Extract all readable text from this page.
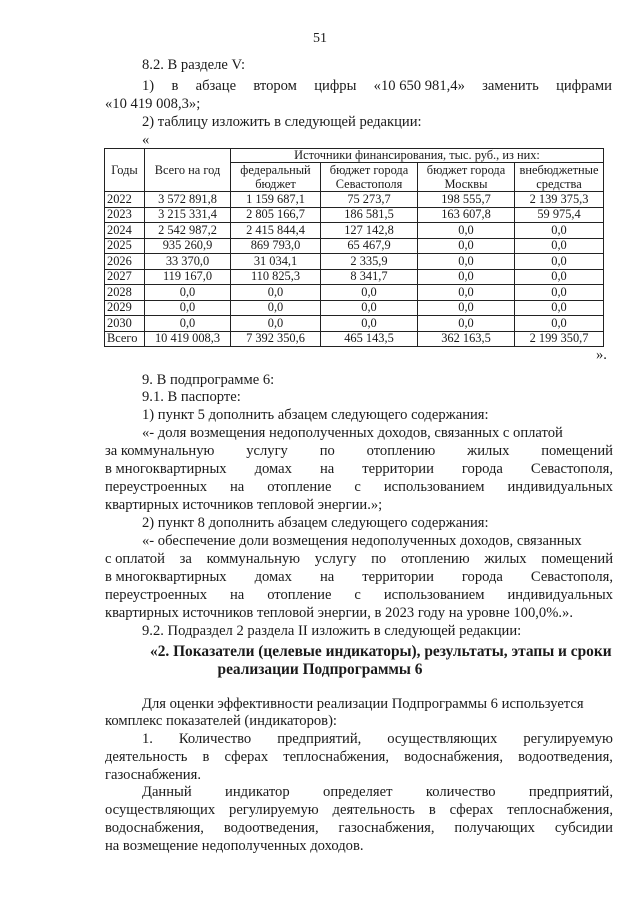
51
8.2. В разделе V:
1) в абзаце втором цифры «10 650 981,4» заменить цифрами
«10 419 008,3»;
2) таблицу изложить в следующей редакции:
«
Годы	Всего на год	Источники финансирования, тыс. руб., из них:			
		федеральный бюджет	бюджет города Севастополя	бюджет города Москвы	внебюджетные средства
2022	3 572 891,8	1 159 687,1	75 273,7	198 555,7	2 139 375,3
2023	3 215 331,4	2 805 166,7	186 581,5	163 607,8	59 975,4
2024	2 542 987,2	2 415 844,4	127 142,8	0,0	0,0
2025	935 260,9	869 793,0	65 467,9	0,0	0,0
2026	33 370,0	31 034,1	2 335,9	0,0	0,0
2027	119 167,0	110 825,3	8 341,7	0,0	0,0
2028	0,0	0,0	0,0	0,0	0,0
2029	0,0	0,0	0,0	0,0	0,0
2030	0,0	0,0	0,0	0,0	0,0
Всего	10 419 008,3	7 392 350,6	465 143,5	362 163,5	2 199 350,7
».
9. В подпрограмме 6:
9.1. В паспорте:
1) пункт 5 дополнить абзацем следующего содержания:
«- доля возмещения недополученных доходов, связанных с оплатой
за коммунальную услугу по отоплению жилых помещений
в многоквартирных домах на территории города Севастополя,
переустроенных на отопление с использованием индивидуальных
квартирных источников тепловой энергии.»;
2) пункт 8 дополнить абзацем следующего содержания:
«- обеспечение доли возмещения недополученных доходов, связанных
с оплатой за коммунальную услугу по отоплению жилых помещений
в многоквартирных домах на территории города Севастополя,
переустроенных на отопление с использованием индивидуальных
квартирных источников тепловой энергии, в 2023 году на уровне 100,0%.».
9.2. Подраздел 2 раздела II изложить в следующей редакции:
«2. Показатели (целевые индикаторы), результаты, этапы и сроки
реализации Подпрограммы 6
Для оценки эффективности реализации Подпрограммы 6 используется
комплекс показателей (индикаторов):
1. Количество предприятий, осуществляющих регулируемую
деятельность в сферах теплоснабжения, водоснабжения, водоотведения,
газоснабжения.
Данный индикатор определяет количество предприятий,
осуществляющих регулируемую деятельность в сферах теплоснабжения,
водоснабжения, водоотведения, газоснабжения, получающих субсидии
на возмещение недополученных доходов.
